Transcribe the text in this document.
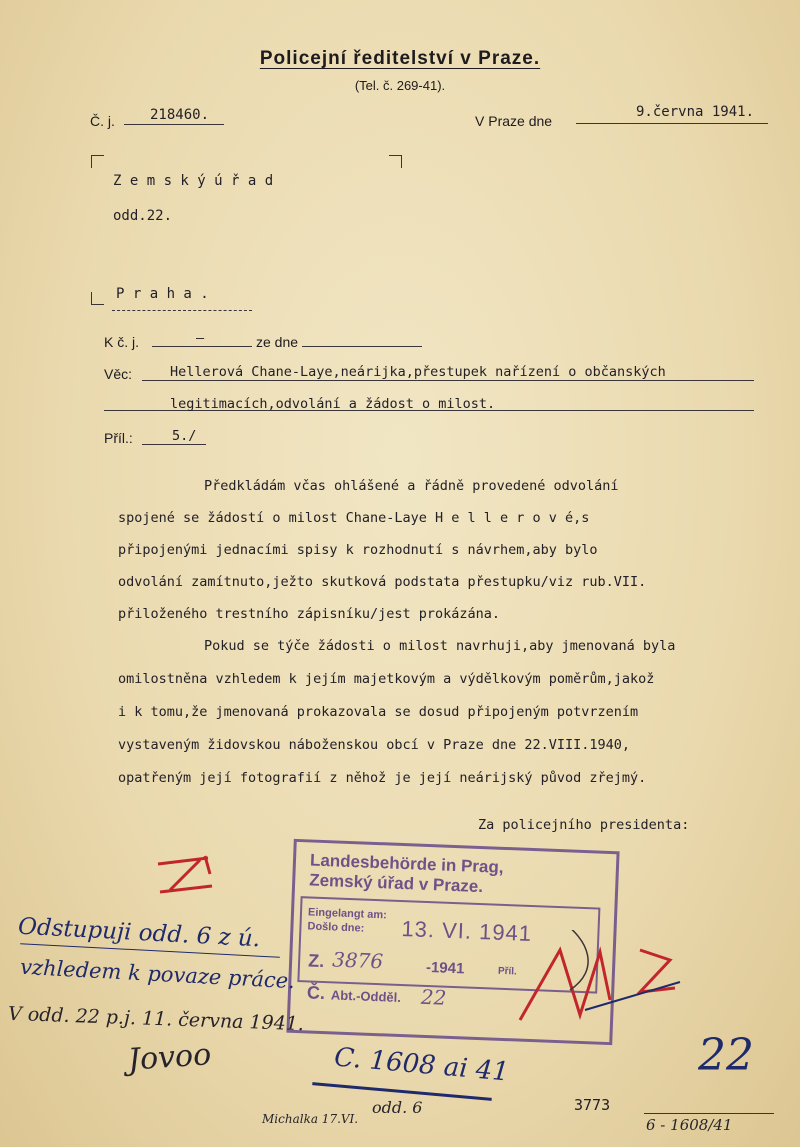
Policejní ředitelství v Praze.
(Tel. č. 269-41).
Č. j.	218460.	V Praze dne
9.června 1941.
Z e m s k ý ú ř a d
odd.22.
P r a h a .
K č. j.	–	ze dne
Věc:	Hellerová Chane-Laye,neárijka,přestupek nařízení o občanských
legitimacích,odvolání a žádost o milost.
Příl.:	5./
Předkládám včas ohlášené a řádně provedené odvolání
spojené se žádostí o milost Chane-Laye H e l l e r o v é,s
připojenými jednacími spisy k rozhodnutí s návrhem,aby bylo
odvolání zamítnuto,ježto skutková podstata přestupku/viz rub.VII.
přiloženého trestního zápisníku/jest prokázána.
Pokud se týče žádosti o milost navrhuji,aby jmenovaná byla
omilostněna vzhledem k jejím majetkovým a výdělkovým poměrům,jakož
i k tomu,že jmenovaná prokazovala se dosud připojeným potvrzením
vystaveným židovskou náboženskou obcí v Praze dne 22.VIII.1940,
opatřeným její fotografií z něhož je její neárijský původ zřejmý.
Za policejního presidenta:
Landesbehörde in Prag,
Zemský úřad v Praze.
Eingelangt am:
Došlo dne: 13. VI. 1941
Z. 3876	-1941	Příl.
Č. Abt.-Odděl. 22
Odstupuji odd. 6 z ú.
vzhledem k povaze práce.
V odd. 22 p.j. 11. června 1941.
Jovoo	C. 1608 ai 41
odd. 6	3773
22
6 - 1608/41
Michalka 17.VI.
